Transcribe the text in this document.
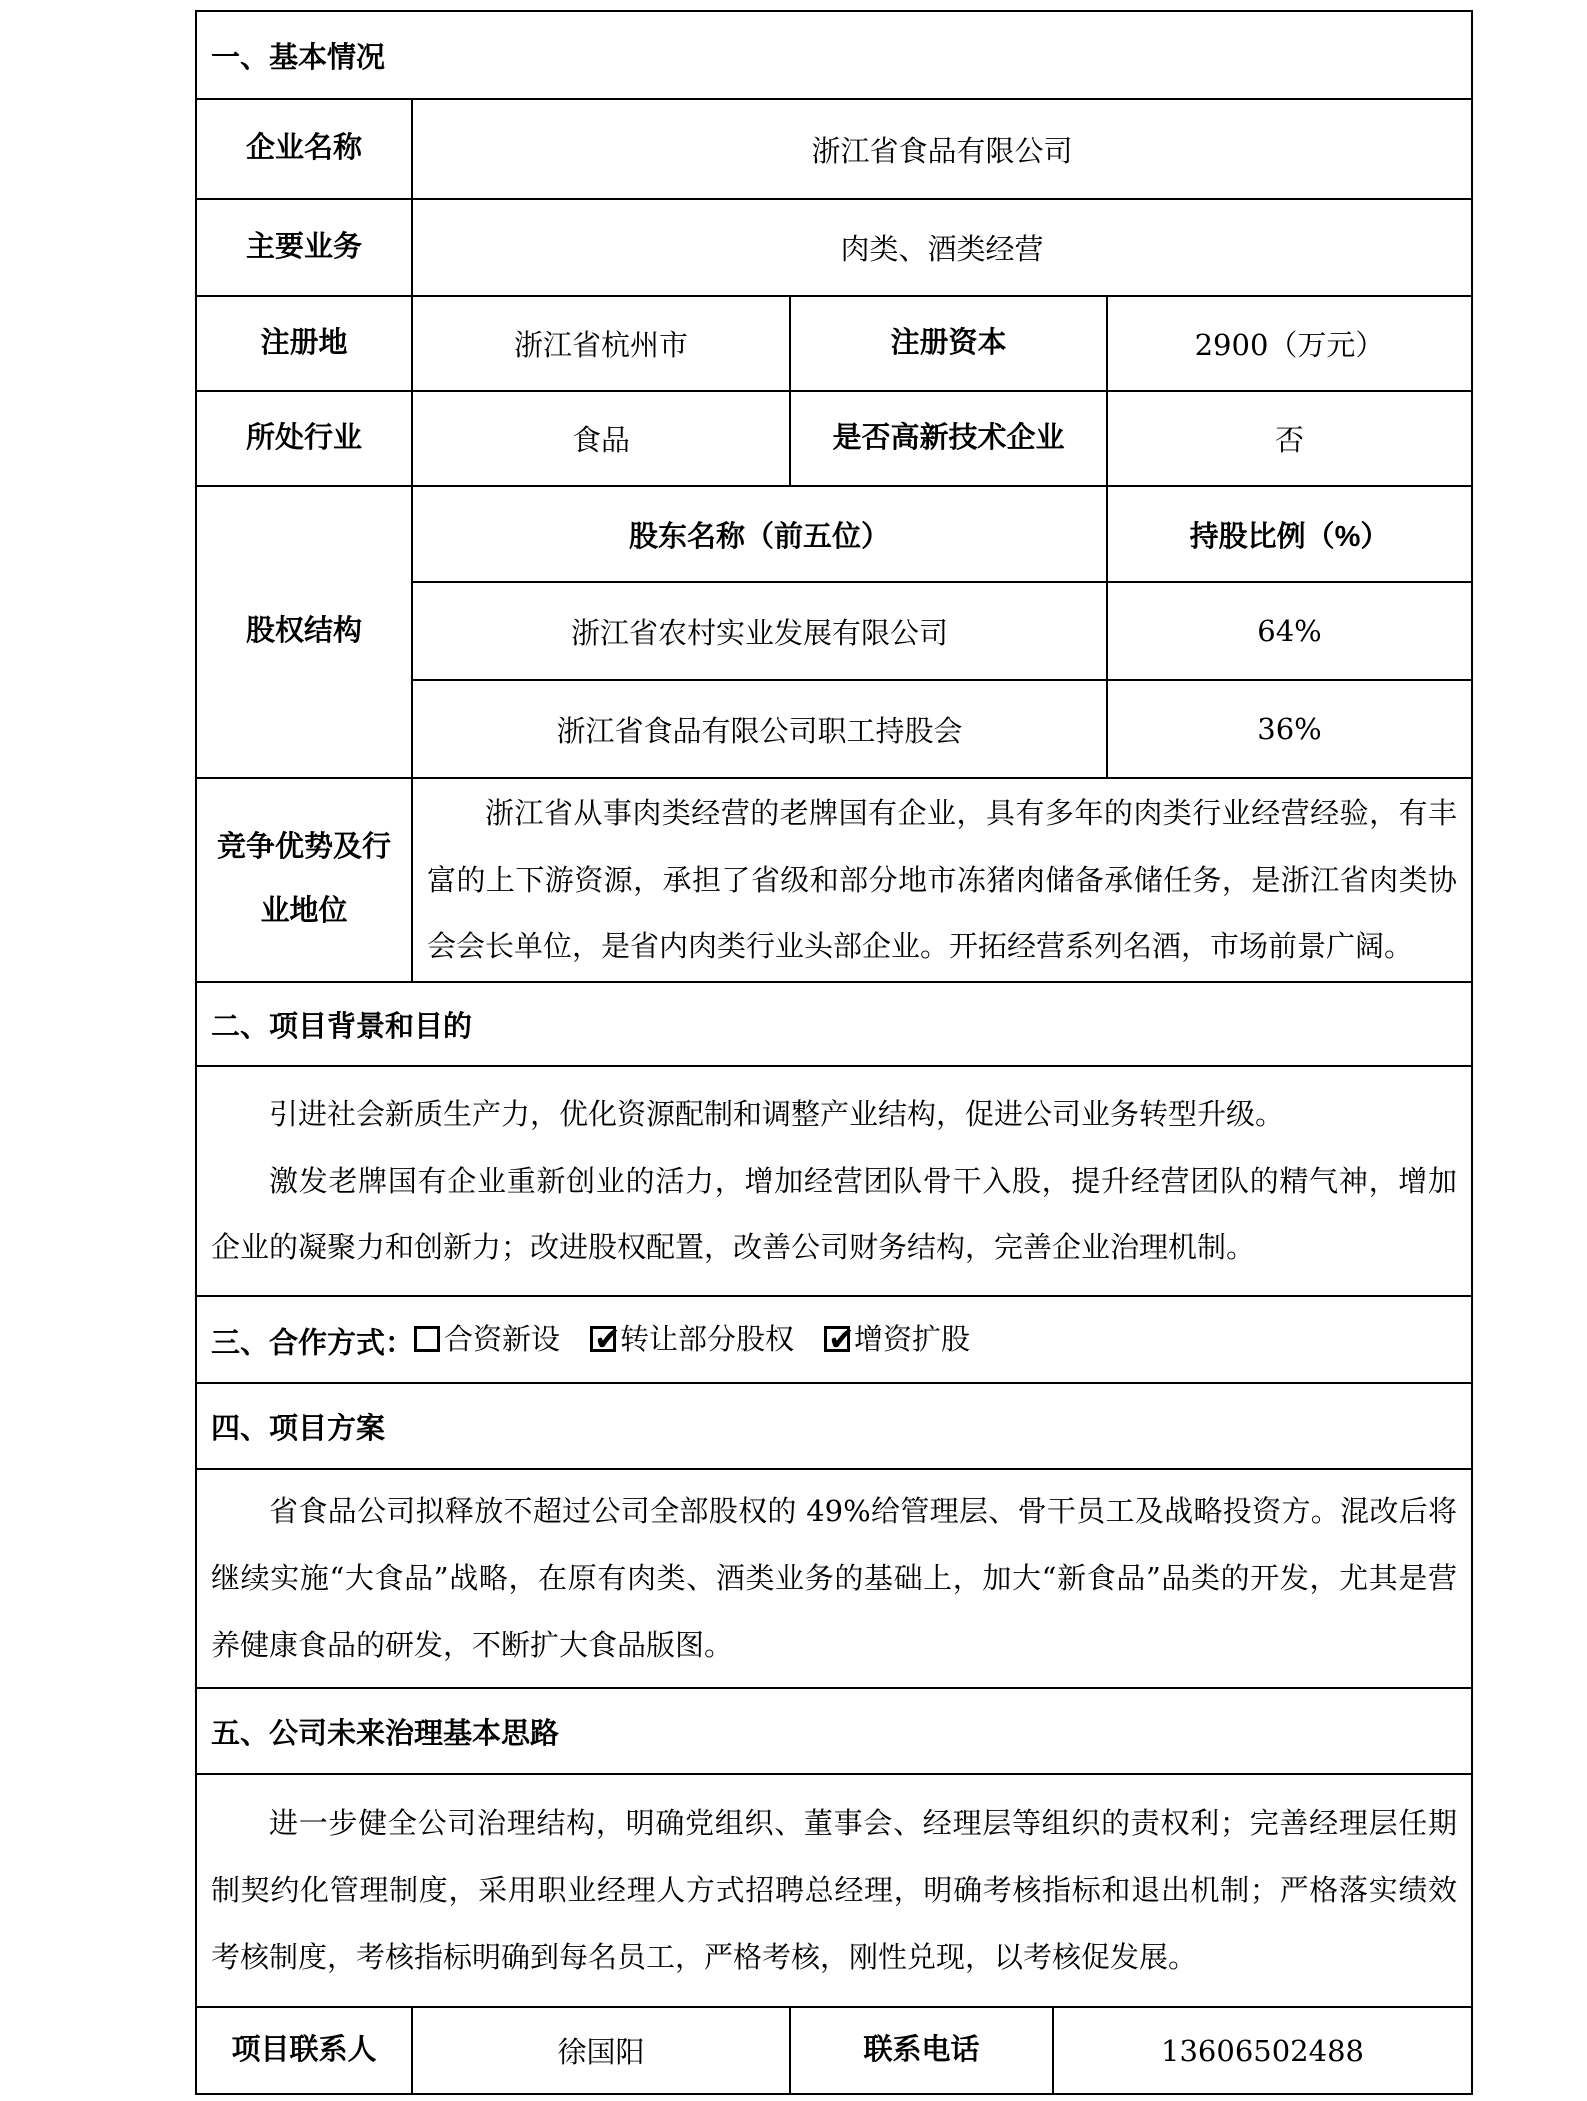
一、基本情况				
企业名称	浙江省食品有限公司			
主要业务	肉类、酒类经营			
注册地	浙江省杭州市	注册资本		2900（万元）
所处行业	食品	是否高新技术企业		否
股权结构	股东名称（前五位）			持股比例（%）
	浙江省农村实业发展有限公司			64%
	浙江省食品有限公司职工持股会			36%
竞争优势及行业地位	浙江省从事肉类经营的老牌国有企业，具有多年的肉类行业经营经验，有丰富的上下游资源，承担了省级和部分地市冻猪肉储备承储任务，是浙江省肉类协会会长单位，是省内肉类行业头部企业。开拓经营系列名酒，市场前景广阔。			

二、项目背景和目的				

引进社会新质生产力，优化资源配制和调整产业结构，促进公司业务转型升级。

激发老牌国有企业重新创业的活力，增加经营团队骨干入股，提升经营团队的精气神，增加企业的凝聚力和创新力；改进股权配置，改善公司财务结构，完善企业治理机制。				

三、合作方式： 合资新设 ✔ 转让部分股权 ✔ 增资扩股
四、项目方案				

省食品公司拟释放不超过公司全部股权的 49%给管理层、骨干员工及战略投资方。混改后将继续实施“大食品”战略，在原有肉类、酒类业务的基础上，加大“新食品”品类的开发，尤其是营养健康食品的研发，不断扩大食品版图。				

五、公司未来治理基本思路				

进一步健全公司治理结构，明确党组织、董事会、经理层等组织的责权利；完善经理层任期制契约化管理制度，采用职业经理人方式招聘总经理，明确考核指标和退出机制；严格落实绩效考核制度，考核指标明确到每名员工，严格考核，刚性兑现，以考核促发展。				

项目联系人	徐国阳	联系电话	13606502488	
